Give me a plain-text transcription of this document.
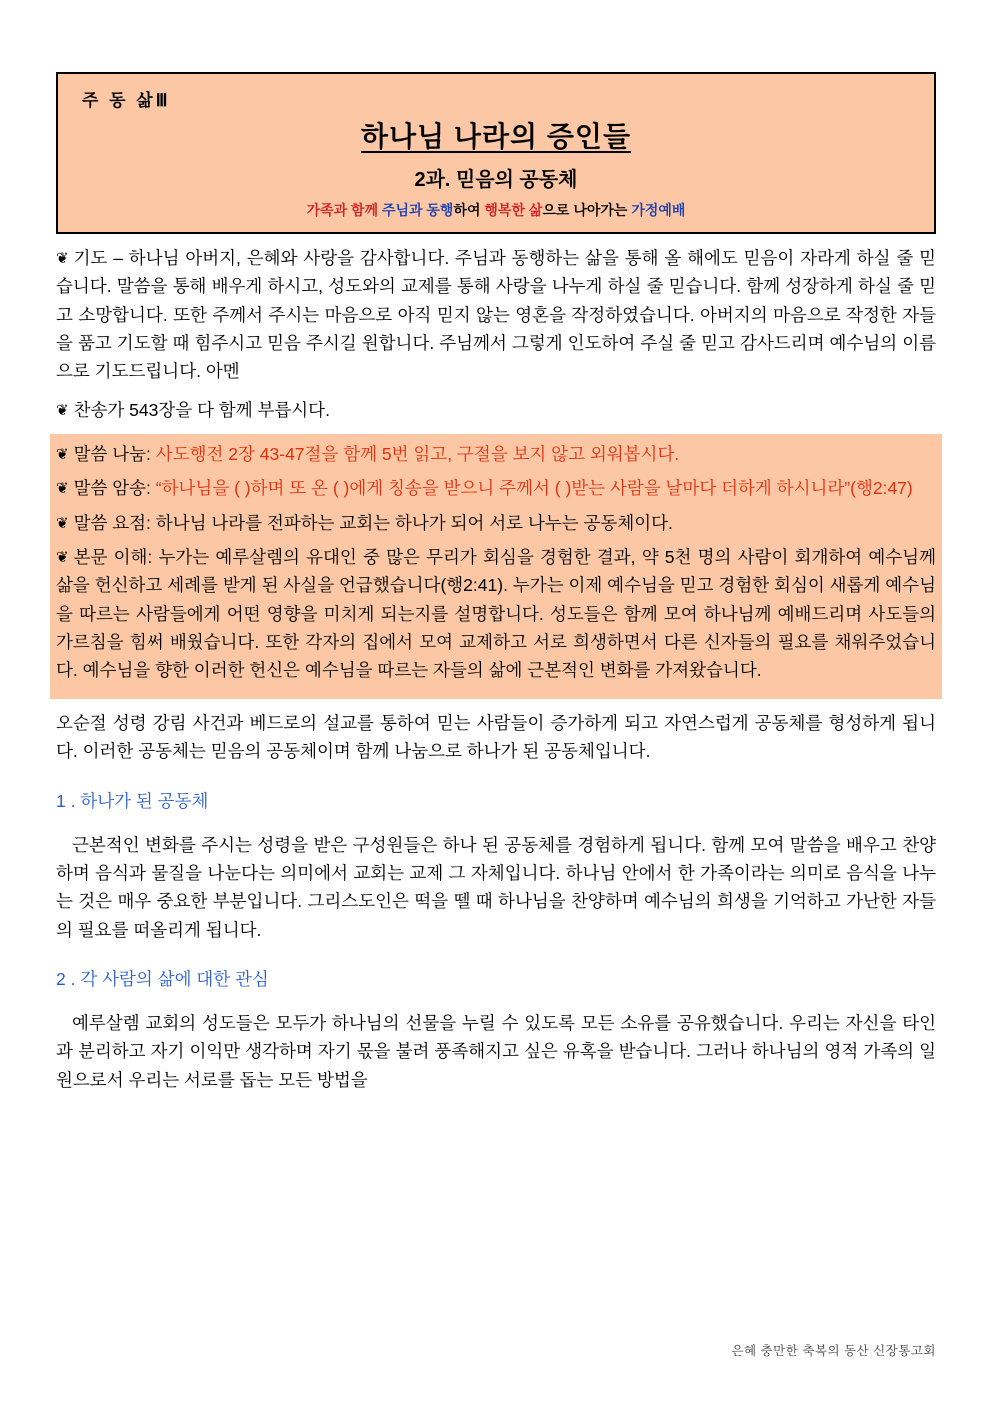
주 동 삶Ⅲ
하나님 나라의 증인들
2과. 믿음의 공동체
가족과 함께 주님과 동행하여 행복한 삶으로 나아가는 가정예배

❦ 기도 – 하나님 아버지, 은혜와 사랑을 감사합니다. 주님과 동행하는 삶을 통해 올 해에도 믿음이 자라게 하실 줄 믿습니다. 말씀을 통해 배우게 하시고, 성도와의 교제를 통해 사랑을 나누게 하실 줄 믿습니다. 함께 성장하게 하실 줄 믿고 소망합니다. 또한 주께서 주시는 마음으로 아직 믿지 않는 영혼을 작정하였습니다. 아버지의 마음으로 작정한 자들을 품고 기도할 때 힘주시고 믿음 주시길 원합니다. 주님께서 그렇게 인도하여 주실 줄 믿고 감사드리며 예수님의 이름으로 기도드립니다. 아멘

❦ 찬송가 543장을 다 함께 부릅시다.

❦ 말씀 나눔: 사도행전 2장 43-47절을 함께 5번 읽고, 구절을 보지 않고 외워봅시다.

❦ 말씀 암송: “하나님을 ( )하며 또 온 ( )에게 칭송을 받으니 주께서 ( )받는 사람을 날마다 더하게 하시니라”(행2:47)

❦ 말씀 요점: 하나님 나라를 전파하는 교회는 하나가 되어 서로 나누는 공동체이다.

❦ 본문 이해: 누가는 예루살렘의 유대인 중 많은 무리가 회심을 경험한 결과, 약 5천 명의 사람이 회개하여 예수님께 삶을 헌신하고 세례를 받게 된 사실을 언급했습니다(행2:41). 누가는 이제 예수님을 믿고 경험한 회심이 새롭게 예수님을 따르는 사람들에게 어떤 영향을 미치게 되는지를 설명합니다. 성도들은 함께 모여 하나님께 예배드리며 사도들의 가르침을 힘써 배웠습니다. 또한 각자의 집에서 모여 교제하고 서로 희생하면서 다른 신자들의 필요를 채워주었습니다. 예수님을 향한 이러한 헌신은 예수님을 따르는 자들의 삶에 근본적인 변화를 가져왔습니다.

오순절 성령 강림 사건과 베드로의 설교를 통하여 믿는 사람들이 증가하게 되고 자연스럽게 공동체를 형성하게 됩니다. 이러한 공동체는 믿음의 공동체이며 함께 나눔으로 하나가 된 공동체입니다.

1 . 하나가 된 공동체

근본적인 변화를 주시는 성령을 받은 구성원들은 하나 된 공동체를 경험하게 됩니다. 함께 모여 말씀을 배우고 찬양하며 음식과 물질을 나눈다는 의미에서 교회는 교제 그 자체입니다. 하나님 안에서 한 가족이라는 의미로 음식을 나누는 것은 매우 중요한 부분입니다. 그리스도인은 떡을 뗄 때 하나님을 찬양하며 예수님의 희생을 기억하고 가난한 자들의 필요를 떠올리게 됩니다.

2 . 각 사람의 삶에 대한 관심

예루살렘 교회의 성도들은 모두가 하나님의 선물을 누릴 수 있도록 모든 소유를 공유했습니다. 우리는 자신을 타인과 분리하고 자기 이익만 생각하며 자기 몫을 불려 풍족해지고 싶은 유혹을 받습니다. 그러나 하나님의 영적 가족의 일원으로서 우리는 서로를 돕는 모든 방법을

은혜 충만한 축복의 동산 신장통고회
